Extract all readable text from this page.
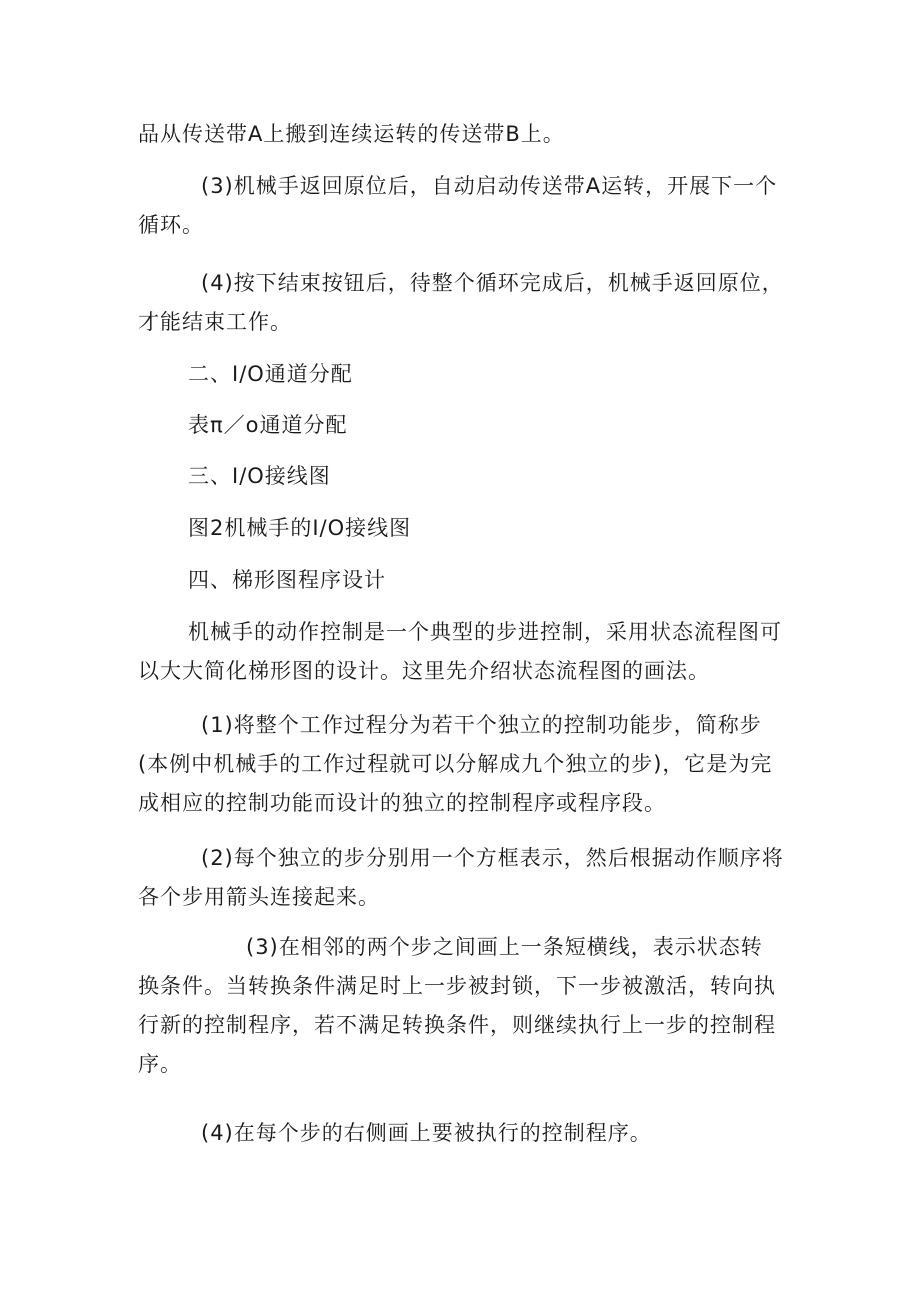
品从传送带A上搬到连续运转的传送带B上。

(3)机械手返回原位后，自动启动传送带A运转，开展下一个循环。

(4)按下结束按钮后，待整个循环完成后，机械手返回原位，才能结束工作。

二、I/O通道分配

表π／o通道分配

三、I/O接线图

图2机械手的I/O接线图

四、梯形图程序设计

机械手的动作控制是一个典型的步进控制，采用状态流程图可以大大简化梯形图的设计。这里先介绍状态流程图的画法。

(1)将整个工作过程分为若干个独立的控制功能步，简称步(本例中机械手的工作过程就可以分解成九个独立的步)，它是为完成相应的控制功能而设计的独立的控制程序或程序段。

(2)每个独立的步分别用一个方框表示，然后根据动作顺序将各个步用箭头连接起来。

(3)在相邻的两个步之间画上一条短横线，表示状态转换条件。当转换条件满足时上一步被封锁，下一步被激活，转向执行新的控制程序，若不满足转换条件，则继续执行上一步的控制程序。

(4)在每个步的右侧画上要被执行的控制程序。
